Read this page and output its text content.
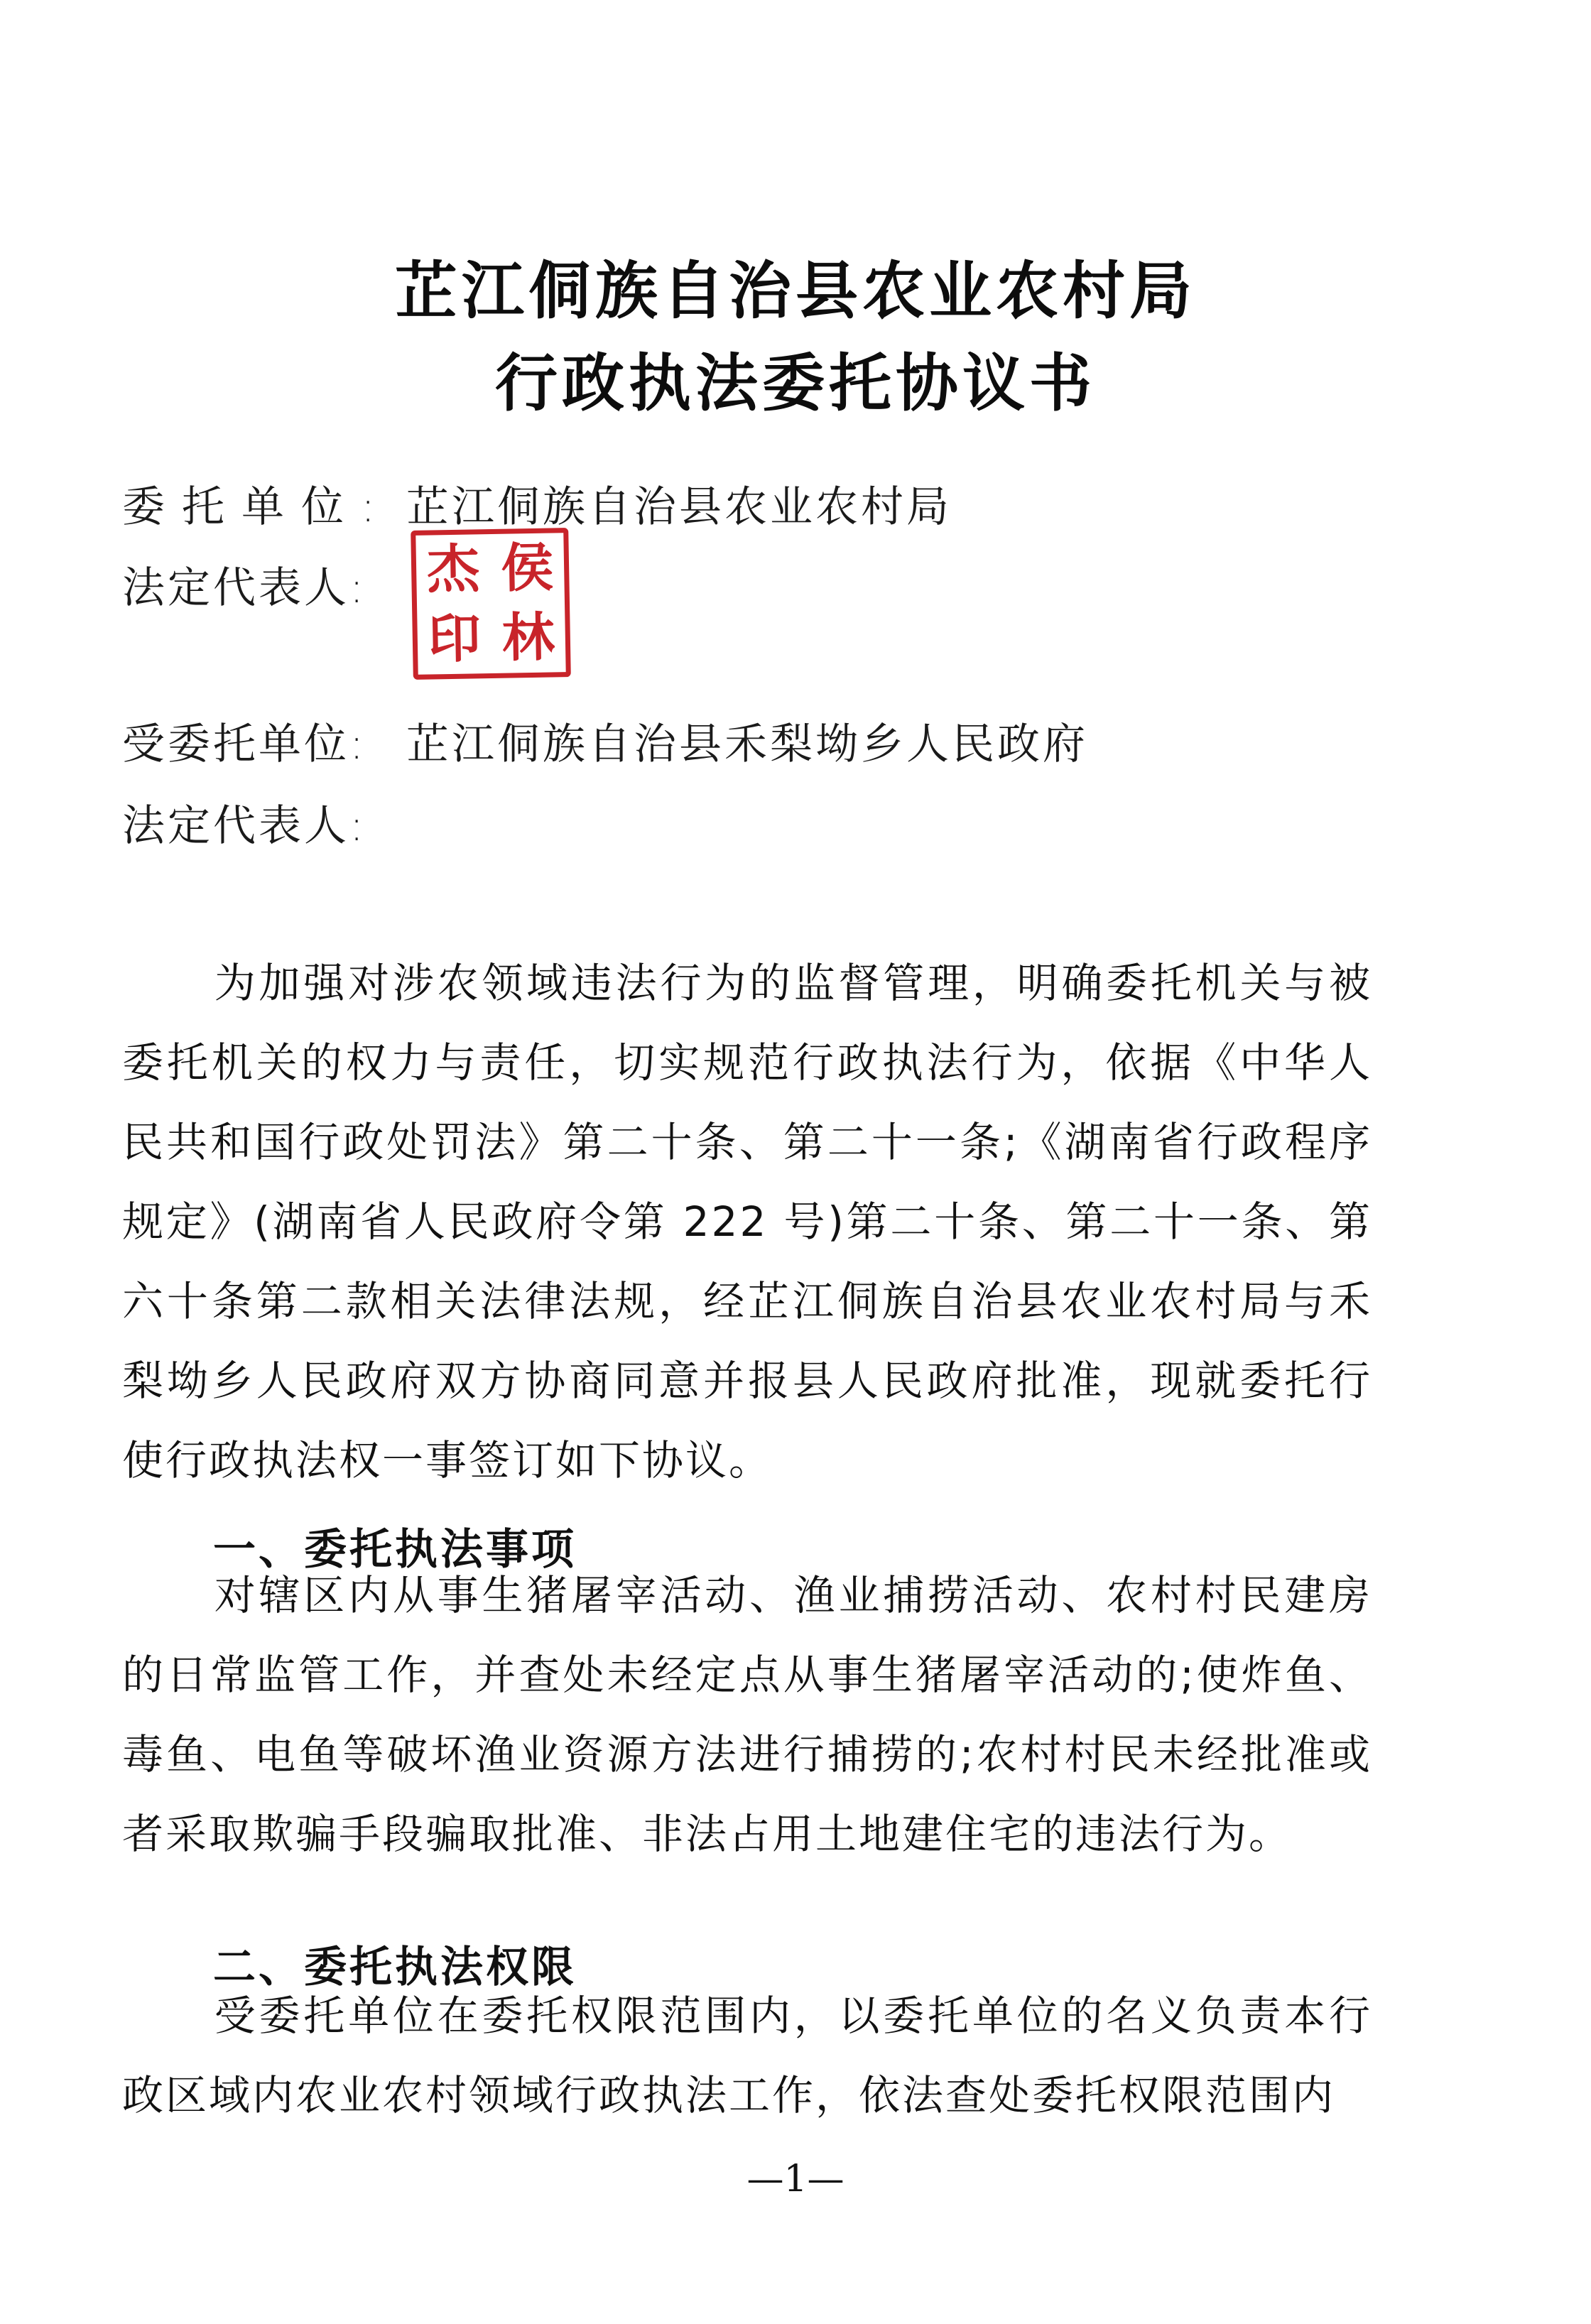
芷江侗族自治县农业农村局
行政执法委托协议书
委托单位: 芷江侗族自治县农业农村局
法定代表人:	杰 侯
印 林
受委托单位: 芷江侗族自治县禾梨坳乡人民政府
法定代表人:

为加强对涉农领域违法行为的监督管理，明确委托机关与被委托机关的权力与责任，切实规范行政执法行为，依据《中华人民共和国行政处罚法》第二十条、第二十一条;《湖南省行政程序规定》(湖南省人民政府令第 222 号)第二十条、第二十一条、第六十条第二款相关法律法规，经芷江侗族自治县农业农村局与禾梨坳乡人民政府双方协商同意并报县人民政府批准，现就委托行使行政执法权一事签订如下协议。

一、委托执法事项

对辖区内从事生猪屠宰活动、渔业捕捞活动、农村村民建房的日常监管工作，并查处未经定点从事生猪屠宰活动的;使炸鱼、毒鱼、电鱼等破坏渔业资源方法进行捕捞的;农村村民未经批准或者采取欺骗手段骗取批准、非法占用土地建住宅的违法行为。

二、委托执法权限

受委托单位在委托权限范围内，以委托单位的名义负责本行政区域内农业农村领域行政执法工作，依法查处委托权限范围内

—1—
